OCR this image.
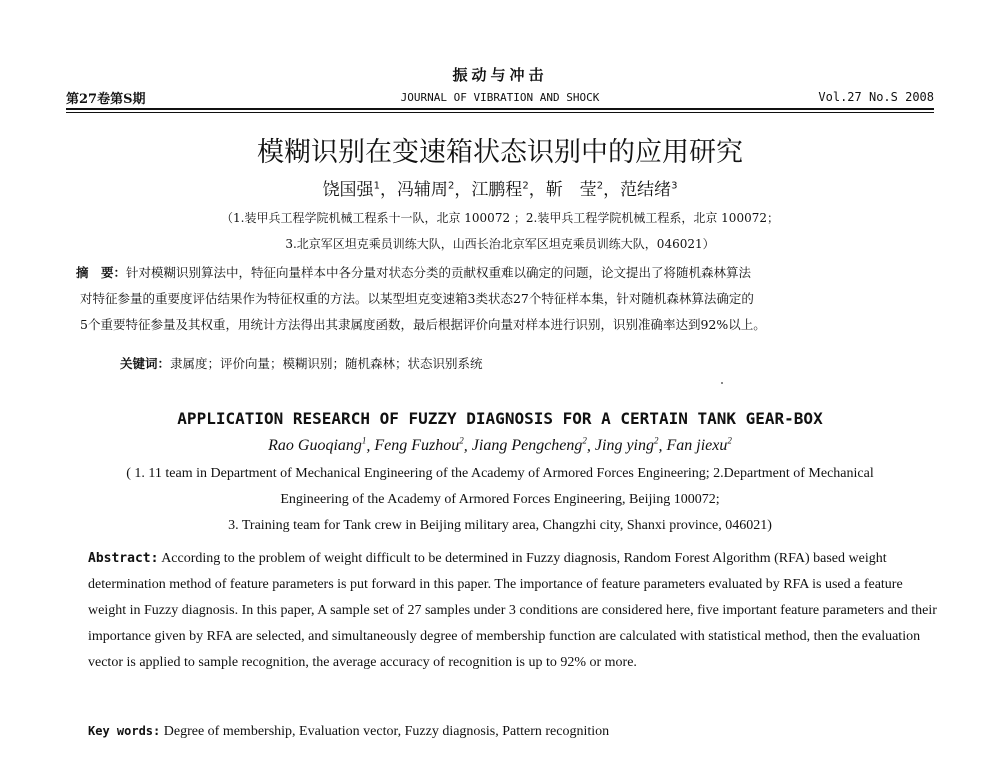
振动与冲击
第27卷第S期	JOURNAL OF VIBRATION AND SHOCK	Vol.27 No.S 2008
模糊识别在变速箱状态识别中的应用研究
饶国强$^1$，冯辅周$^2$，江鹏程$^2$，靳　莹$^2$，范结绪$^3$
（1.装甲兵工程学院机械工程系十一队，北京 100072 ；2.装甲兵工程学院机械工程系，北京 100072；
3.北京军区坦克乘员训练大队，山西长治北京军区坦克乘员训练大队，046021）
摘　要：针对模糊识别算法中，特征向量样本中各分量对状态分类的贡献权重难以确定的问题，论文提出了将随机森林算法
对特征参量的重要度评估结果作为特征权重的方法。以某型坦克变速箱3类状态27个特征样本集，针对随机森林算法确定的
5个重要特征参量及其权重，用统计方法得出其隶属度函数，最后根据评价向量对样本进行识别，识别准确率达到92%以上。
关键词：隶属度；评价向量；模糊识别；随机森林；状态识别系统
APPLICATION RESEARCH OF FUZZY DIAGNOSIS FOR A CERTAIN TANK GEAR-BOX
Rao Guoqiang$^1$, Feng Fuzhou$^2$, Jiang Pengcheng$^2$, Jing ying$^2$, Fan jiexu$^2$
( 1. 11 team in Department of Mechanical Engineering of the Academy of Armored Forces Engineering; 2.Department of Mechanical
Engineering of the Academy of Armored Forces Engineering, Beijing 100072;
3. Training team for Tank crew in Beijing military area, Changzhi city, Shanxi province, 046021)
Abstract: According to the problem of weight difficult to be determined in Fuzzy diagnosis, Random Forest Algorithm (RFA) based weight determination method of feature parameters is put forward in this paper. The importance of feature parameters evaluated by RFA is used a feature weight in Fuzzy diagnosis. In this paper, A sample set of 27 samples under 3 conditions are considered here, five important feature parameters and their importance given by RFA are selected, and simultaneously degree of membership function are calculated with statistical method, then the evaluation vector is applied to sample recognition, the average accuracy of recognition is up to 92% or more.
Key words: Degree of membership, Evaluation vector, Fuzzy diagnosis, Pattern recognition
